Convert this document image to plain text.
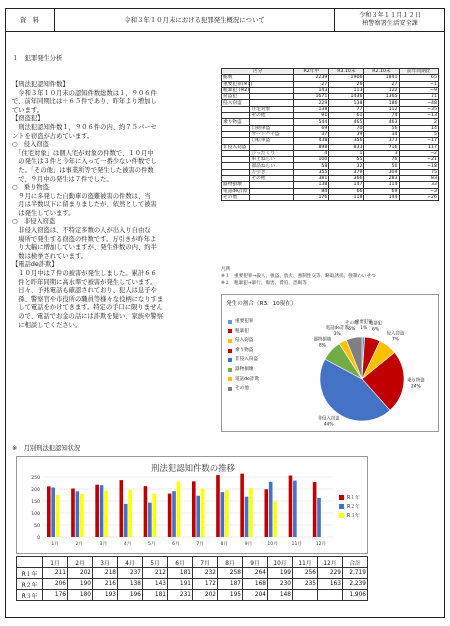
資　料	令和３年１０月末における犯罪発生概況について
令和３年１１月１２日
柏警察署生活安全課

１　犯罪発生分析

【刑法犯認知件数】
　令和３年１０月末の認知件数総数は１，９０６件
で、前年同期比は＋６５件であり、昨年より増加し
ています。
【窃盗犯】
　刑法犯認知件数１，９０６件の内、約７５パーセ
ントを窃盗が占めています。
○　侵入窃盗
　「住宅対象」は個人宅が対象の件数で、１０月中
　の発生は３件と今年に入って一番少ない件数でし
　た。「その他」は事業所等で発生した被害の件数
　で、９月中の発生は７件でした。
○　乗り物盗
　９月に多発した自動車の盗難被害の件数は、当
　月は半数以下に留まりましたが、依然として被害
　は発生しています。
○　非侵入窃盗
　非侵入窃盗は、不特定多数の人が出入り自由な
　場所で発生する窃盗の件数です。万引きが昨年よ
　り大幅に増加していますが、発生件数の内、約半
　数は検挙されています。
【電話de詐欺】
　１０月中は７件の被害が発生しました。累計６６
　件と昨年同期に高水準で被害が発生しています。
　日々、予兆電話も確認されており、犯人は息子や
　孫、警察官や市役所の職員等様々な役柄になりすま
　して電話をかけてきます。特定の手口に限りません
　ので、電話でお金の話には詐欺を疑い、家族や警察
　に相談してください。

区分		R2年中	R3.10末	R2.10末	前年同期比
総数		2239	1906	1841	65
重要犯罪(※1)		27	26	27	−1
粗暴犯 (※2)		143	113	122	−9
窃盗犯		1671	1436	1365	71
侵入窃盗		229	138	186	−48
	住宅対象	138	77	112	−35
	その他	91	61	74	−13
乗り物盗		544	465	463	2
	自動車盗	69	70	56	14
	オートバイ盗	37	39	34	5
	自転車盗	438	356	373	−17
非侵入窃盗		898	833	716	117
	ひったくり	4	1	3	−2
	車上ねらい	100	55	76	−21
	部品ねらい	58	32	50	−18
	万引き	355	379	304	75
	その他	381	366	283	83
器物損壊		138	147	114	33
電話de詐欺		84	66	69	−3
その他		176	118	144	−26
凡例
※１　重要犯罪→殺人、強盗、放火、強制性交等、略取誘拐、強制わいせつ
※２　粗暴犯→暴行、傷害、脅迫、恐喝等
発生の割合（R3．10現在）
重要犯罪
粗暴犯
侵入窃盗
乗り物盗
非侵入窃盗
器物損壊
電話de詐欺
その他
重要犯罪
1%
粗暴犯
6%
侵入窃盗
7%
乗り物盗
24%
非侵入窃盗
44%
器物損壊
8%
電話de詐欺
3%
その他
6%
※　月別刑法犯認知状況
刑法犯認知件数の推移
0
50
100
150
200
250
1月	2月	3月	4月	5月	6月	7月	8月	9月	10月	11月	12月
R１年
R２年
R３年
	1月	2月	3月	4月	5月	6月	7月	8月	9月	10月	11月	12月	合計
R１年	211	202	218	237	212	181	232	258	264	199	256	229	2,719
R２年	206	190	216	138	143	191	172	187	168	230	235	163	2,239
R３年	176	180	193	196	181	231	202	195	204	148			1,906
